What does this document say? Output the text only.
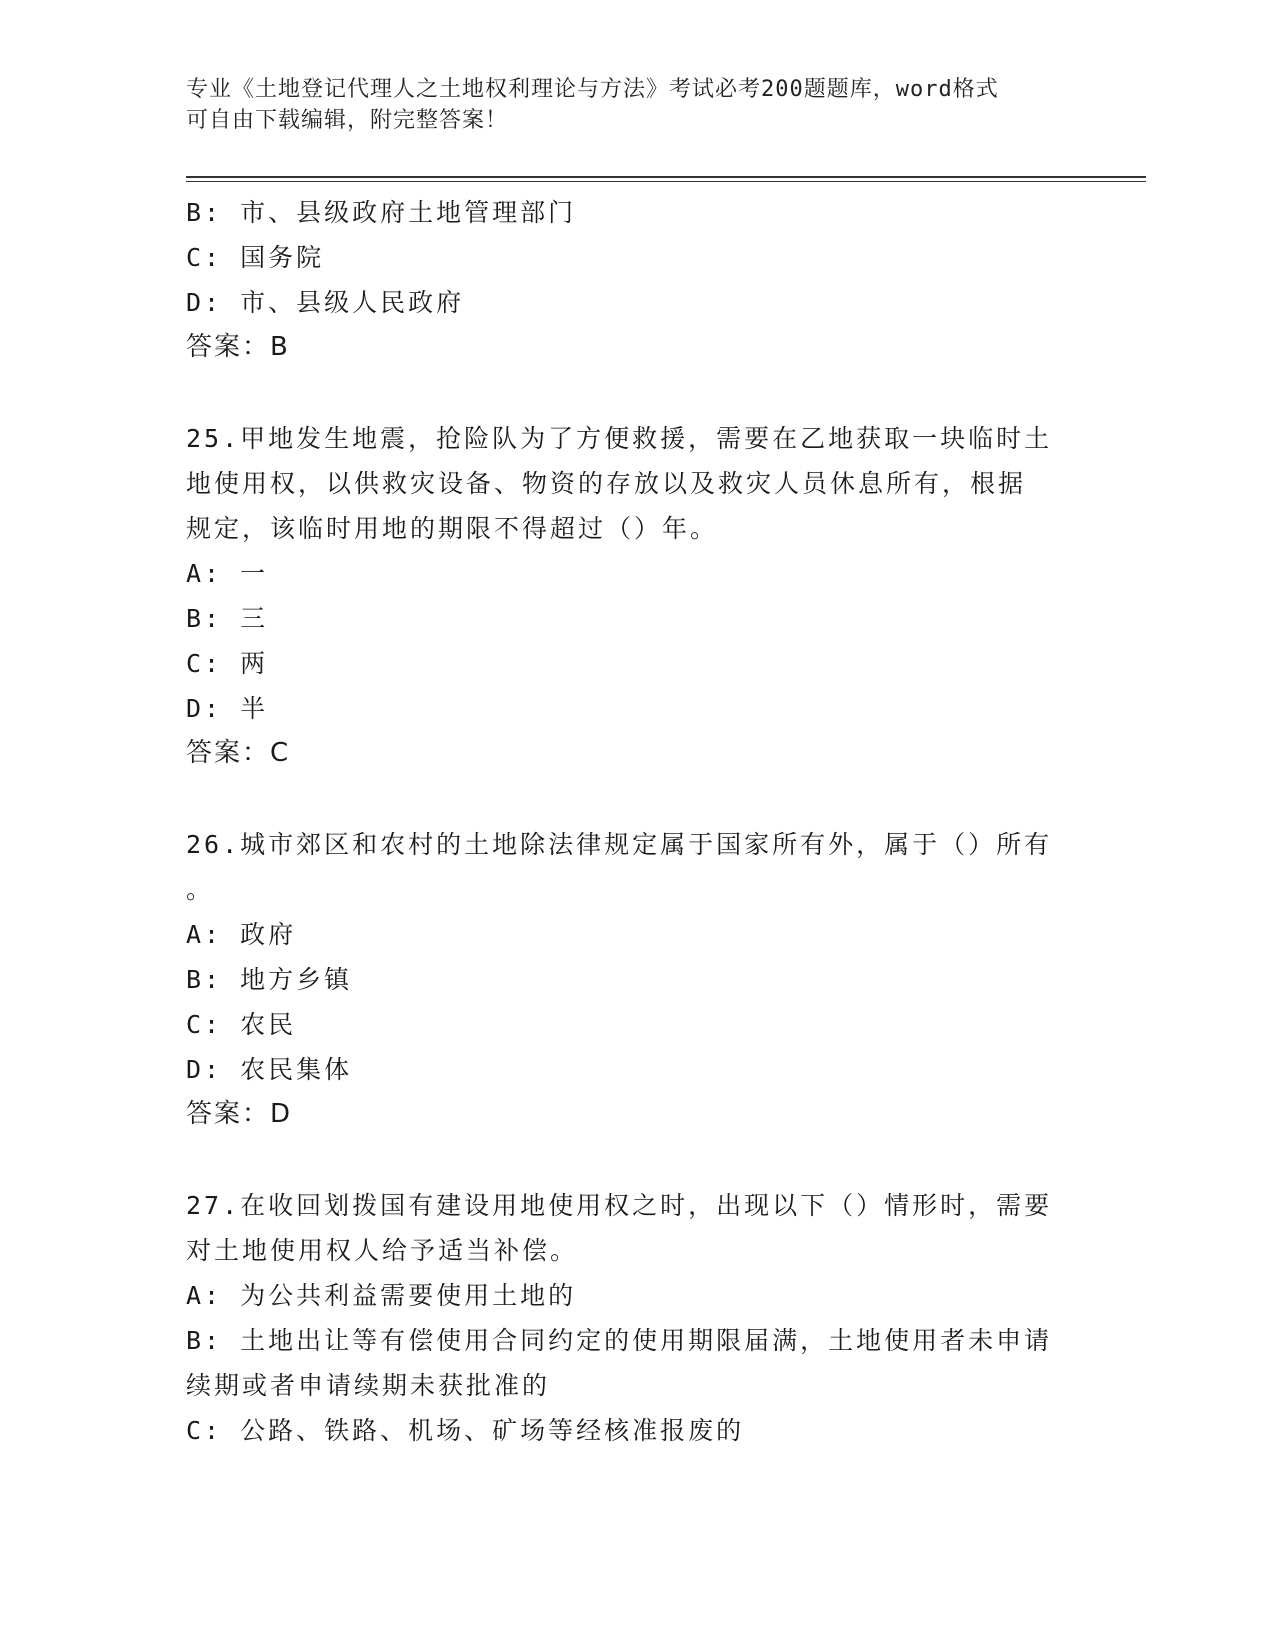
专业《土地登记代理人之土地权利理论与方法》考试必考200题题库，word格式
可自由下载编辑，附完整答案！
B: 市、县级政府土地管理部门
C: 国务院
D: 市、县级人民政府
答案：B
25.甲地发生地震，抢险队为了方便救援，需要在乙地获取一块临时土
地使用权，以供救灾设备、物资的存放以及救灾人员休息所有，根据
规定，该临时用地的期限不得超过（）年。
A: 一
B: 三
C: 两
D: 半
答案：C
26.城市郊区和农村的土地除法律规定属于国家所有外，属于（）所有
。
A: 政府
B: 地方乡镇
C: 农民
D: 农民集体
答案：D
27.在收回划拨国有建设用地使用权之时，出现以下（）情形时，需要
对土地使用权人给予适当补偿。
A: 为公共利益需要使用土地的
B: 土地出让等有偿使用合同约定的使用期限届满，土地使用者未申请
续期或者申请续期未获批准的
C: 公路、铁路、机场、矿场等经核准报废的
